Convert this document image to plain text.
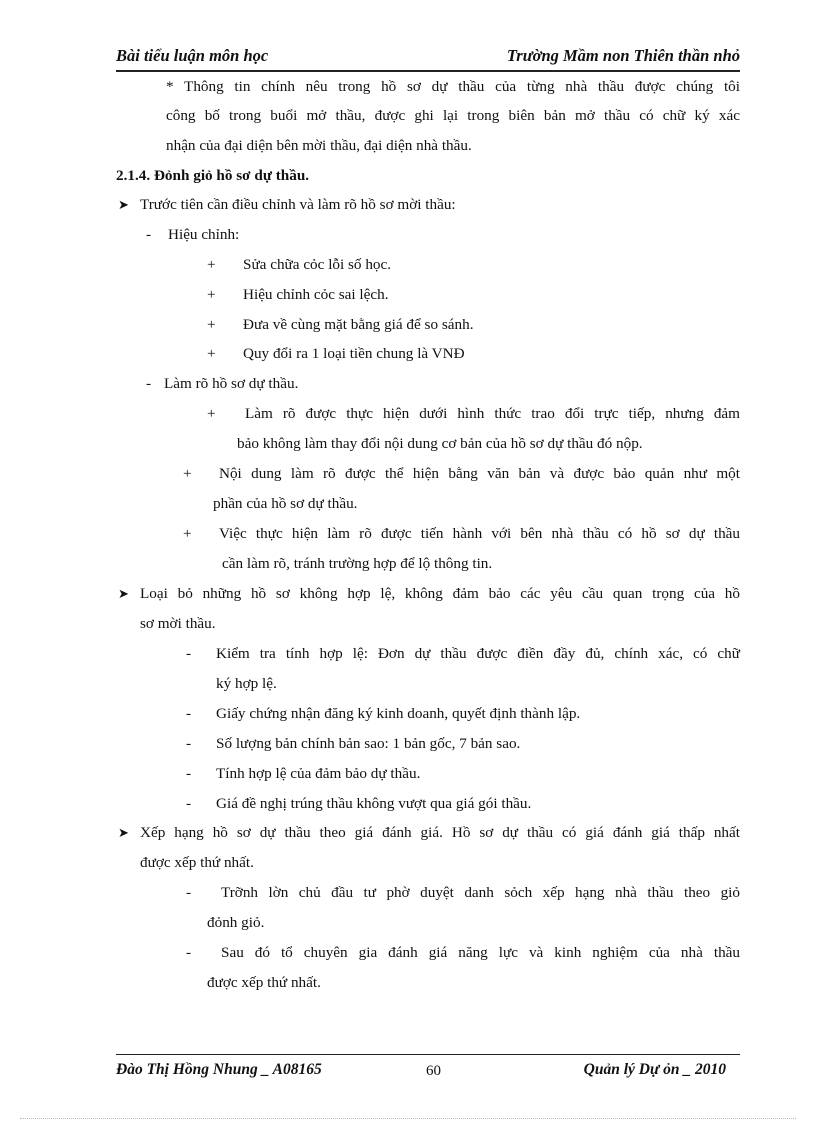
Bài tiểu luận môn học	Trường Mầm non Thiên thần nhỏ
* Thông tin chính nêu trong hồ sơ dự thầu của từng nhà thầu được chúng tôi
công bố trong buổi mở thầu, được ghi lại trong biên bản mở thầu có chữ ký xác
nhận của đại diện bên mời thầu, đại diện nhà thầu.
2.1.4. Đỏnh giỏ hồ sơ dự thầu.
➤ Trước tiên cần điều chỉnh và làm rõ hồ sơ mời thầu:
- Hiệu chỉnh:
+ Sửa chữa cỏc lỗi số học.
+ Hiệu chỉnh cỏc sai lệch.
+ Đưa về cùng mặt bằng giá để so sánh.
+ Quy đổi ra 1 loại tiền chung là VNĐ
- Làm rõ hồ sơ dự thầu.
+ Làm rõ được thực hiện dưới hình thức trao đổi trực tiếp, nhưng đảm
bảo không làm thay đổi nội dung cơ bản của hồ sơ dự thầu đó nộp.
+ Nội dung làm rõ được thể hiện bằng văn bản và được bảo quản như một
phần của hồ sơ dự thầu.
+ Việc thực hiện làm rõ được tiến hành với bên nhà thầu có hồ sơ dự thầu
cần làm rõ, tránh trường hợp để lộ thông tin.
➤ Loại bỏ những hồ sơ không hợp lệ, không đảm bảo các yêu cầu quan trọng của hồ
sơ mời thầu.
- Kiểm tra tính hợp lệ: Đơn dự thầu được điền đầy đủ, chính xác, có chữ
ký hợp lệ.
- Giấy chứng nhận đăng ký kinh doanh, quyết định thành lập.
- Số lượng bản chính bản sao: 1 bản gốc, 7 bản sao.
- Tính hợp lệ của đảm bảo dự thầu.
- Giá đề nghị trúng thầu không vượt qua giá gói thầu.
➤ Xếp hạng hồ sơ dự thầu theo giá đánh giá. Hồ sơ dự thầu có giá đánh giá thấp nhất
được xếp thứ nhất.
- Trỡnh lờn chủ đầu tư phờ duyệt danh sỏch xếp hạng nhà thầu theo giỏ
đỏnh giỏ.
- Sau đó tổ chuyên gia đánh giá năng lực và kinh nghiệm của nhà thầu
được xếp thứ nhất.
Đào Thị Hồng Nhung _ A08165	60	Quản lý Dự ỏn _ 2010
